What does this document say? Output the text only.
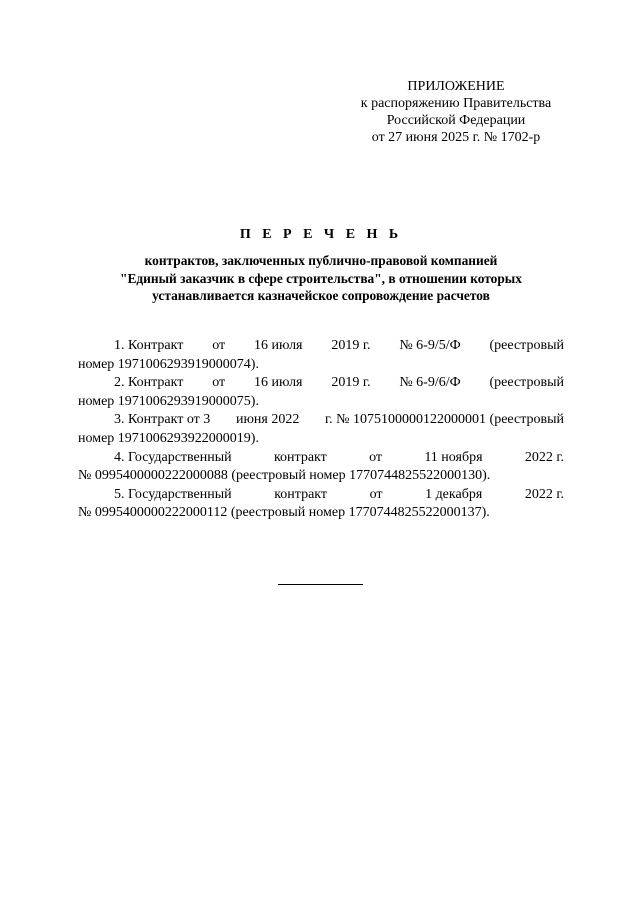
ПРИЛОЖЕНИЕ
к распоряжению Правительства
Российской Федерации
от 27 июня 2025 г. № 1702-р
П Е Р Е Ч Е Н Ь
контрактов, заключенных публично-правовой компанией
"Единый заказчик в сфере строительства", в отношении которых
устанавливается казначейское сопровождение расчетов
1. Контракт от 16 июля 2019 г. № 6-9/5/Ф (реестровый
номер 1971006293919000074).
2. Контракт от 16 июля 2019 г. № 6-9/6/Ф (реестровый
номер 1971006293919000075).
3. Контракт от 3 июня 2022 г. № 1075100000122000001 (реестровый
номер 1971006293922000019).
4. Государственный	контракт	от	11 ноября	2022 г.
№ 0995400000222000088 (реестровый номер 1770744825522000130).
5. Государственный	контракт	от	1 декабря	2022 г.
№ 0995400000222000112 (реестровый номер 1770744825522000137).
